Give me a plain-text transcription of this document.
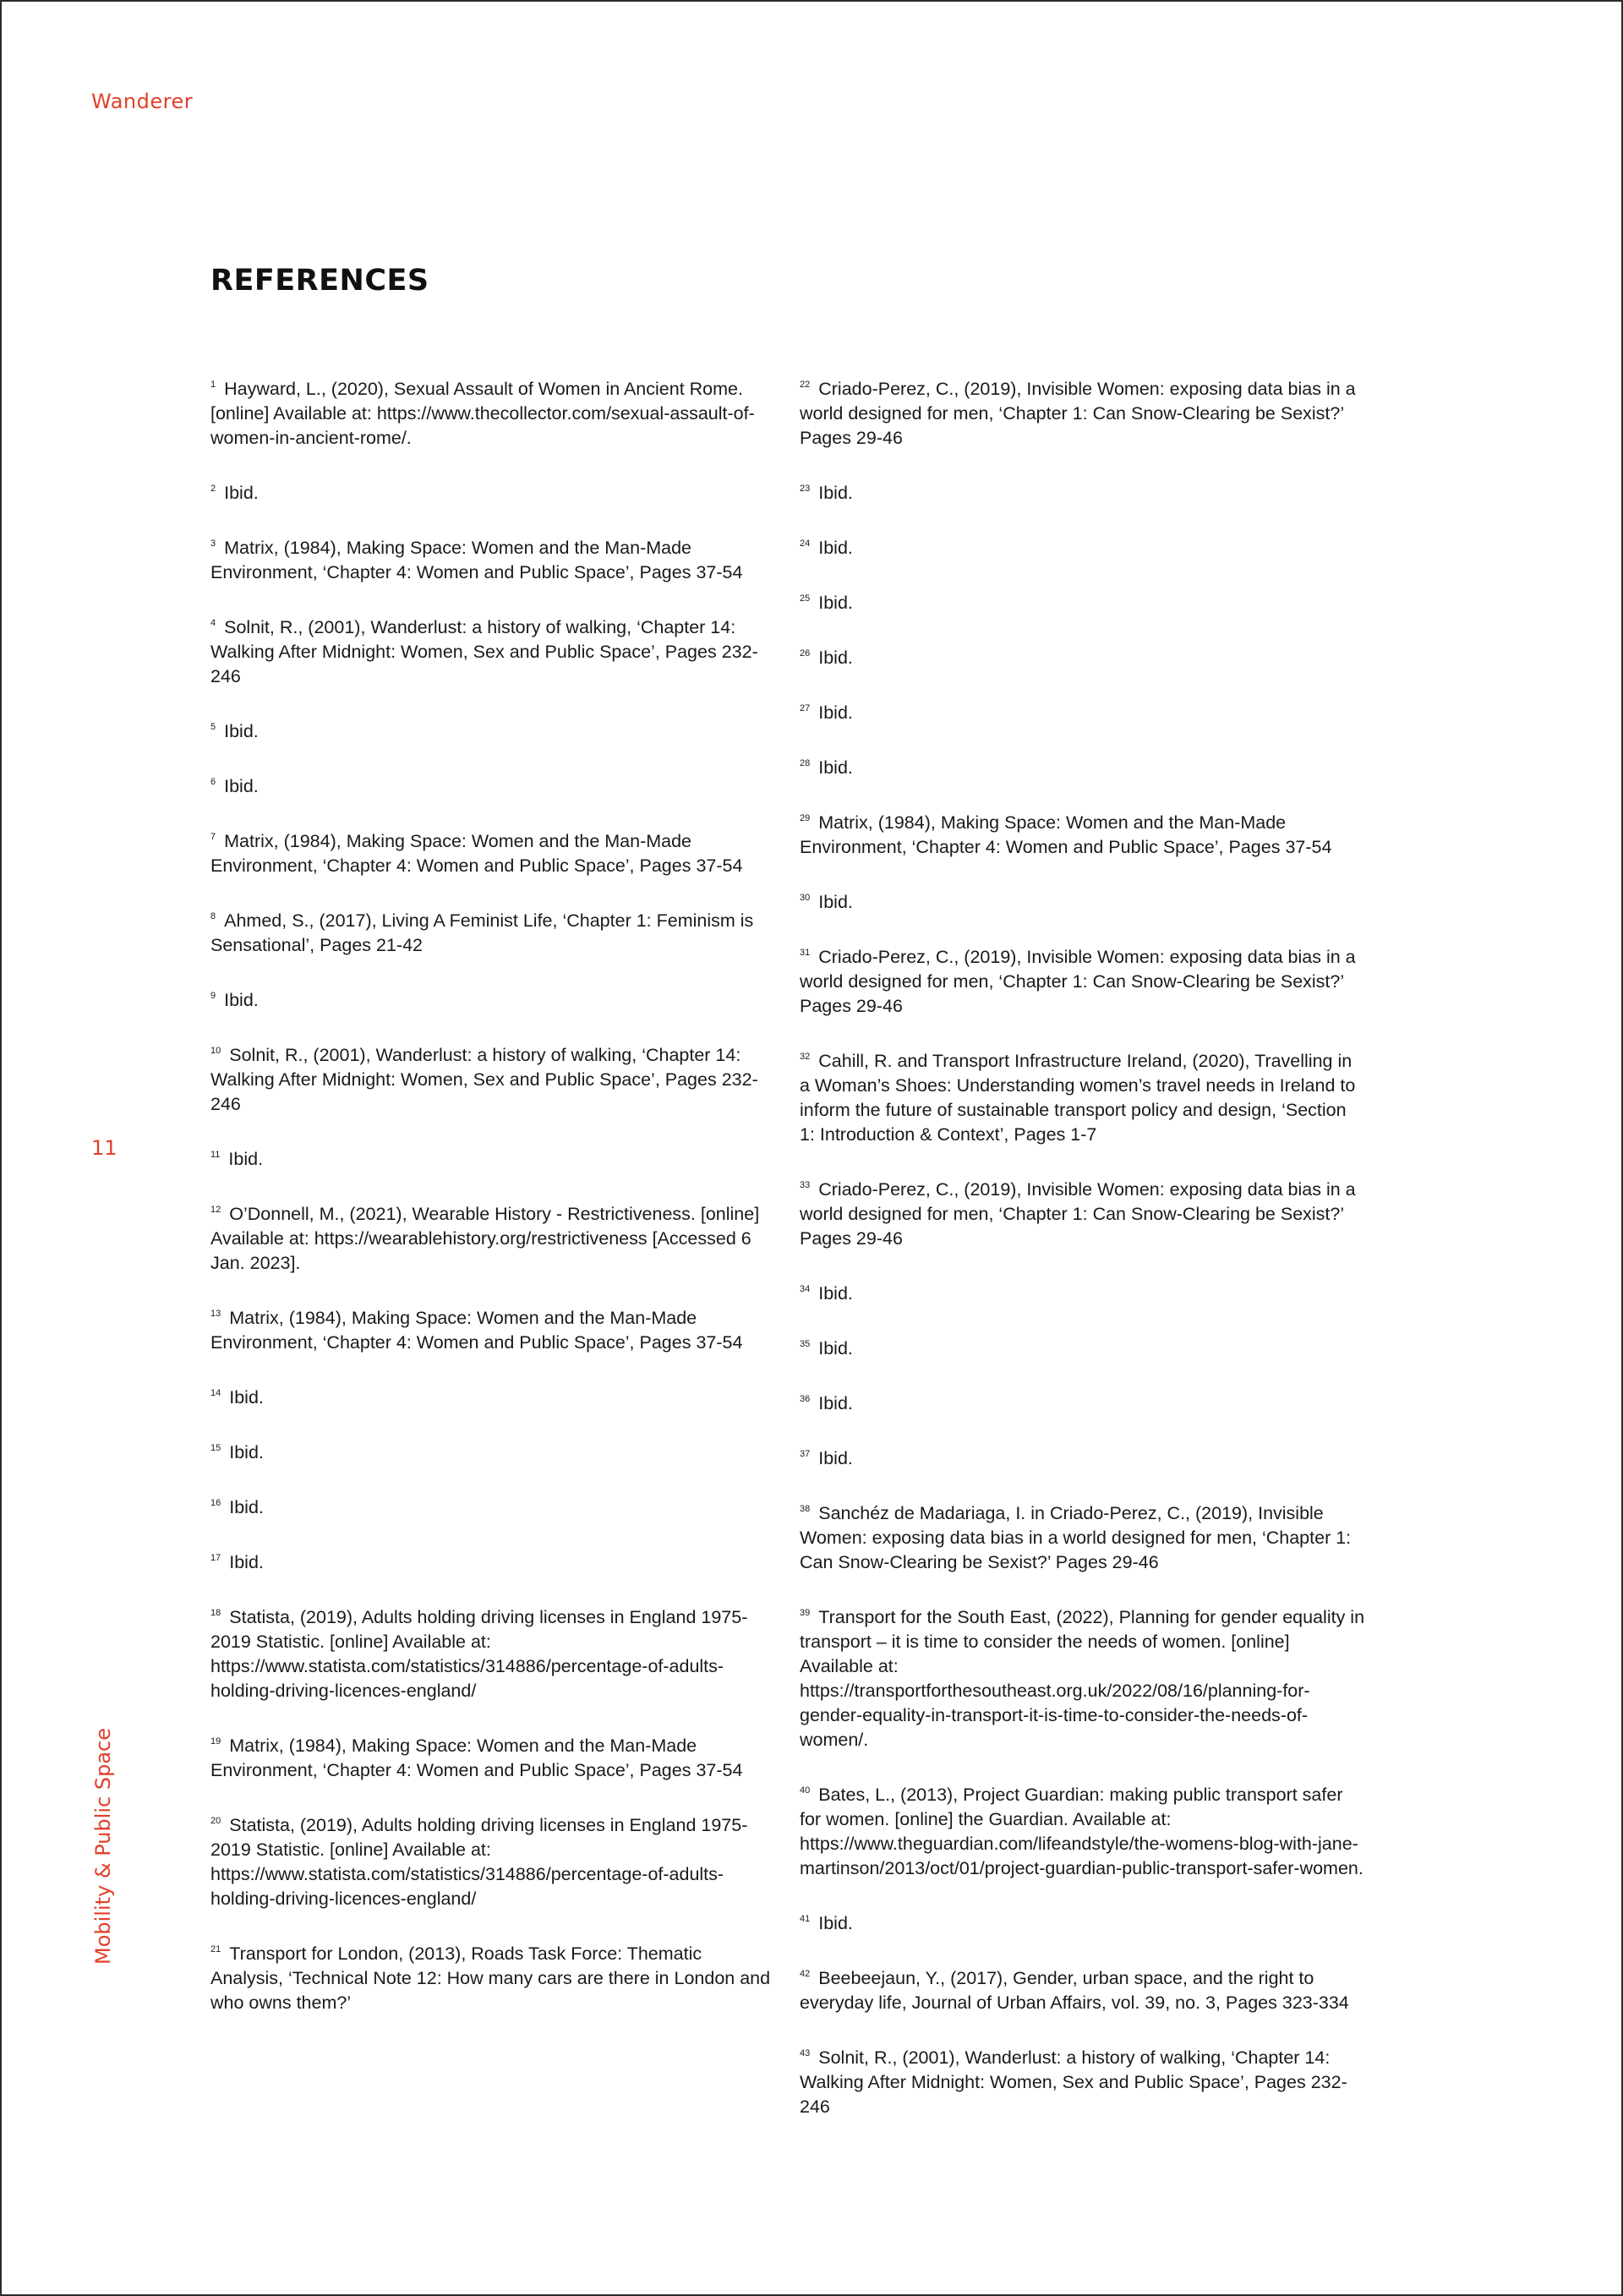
Wanderer
11
Mobility & Public Space
REFERENCES

$^1$ Hayward, L., (2020), Sexual Assault of Women in Ancient Rome. [online] Available at: https://www.thecollector.com/sexual-assault-of-women-in-ancient-rome/.

$^2$ Ibid.

$^3$ Matrix, (1984), Making Space: Women and the Man-Made Environment, ‘Chapter 4: Women and Public Space’, Pages 37-54

$^4$ Solnit, R., (2001), Wanderlust: a history of walking, ‘Chapter 14: Walking After Midnight: Women, Sex and Public Space’, Pages 232-246

$^5$ Ibid.

$^6$ Ibid.

$^7$ Matrix, (1984), Making Space: Women and the Man-Made Environment, ‘Chapter 4: Women and Public Space’, Pages 37-54

$^8$ Ahmed, S., (2017), Living A Feminist Life, ‘Chapter 1: Feminism is Sensational’, Pages 21-42

$^9$ Ibid.

$^{10}$ Solnit, R., (2001), Wanderlust: a history of walking, ‘Chapter 14: Walking After Midnight: Women, Sex and Public Space’, Pages 232-246

$^{11}$ Ibid.

$^{12}$ O’Donnell, M., (2021), Wearable History - Restrictiveness. [online] Available at: https://wearablehistory.org/restrictiveness [Accessed 6 Jan. 2023].

$^{13}$ Matrix, (1984), Making Space: Women and the Man-Made Environment, ‘Chapter 4: Women and Public Space’, Pages 37-54

$^{14}$ Ibid.

$^{15}$ Ibid.

$^{16}$ Ibid.

$^{17}$ Ibid.

$^{18}$ Statista, (2019), Adults holding driving licenses in England 1975-2019 Statistic. [online] Available at: https://www.statista.com/statistics/314886/percentage-of-adults-holding-driving-licences-england/

$^{19}$ Matrix, (1984), Making Space: Women and the Man-Made Environment, ‘Chapter 4: Women and Public Space’, Pages 37-54

$^{20}$ Statista, (2019), Adults holding driving licenses in England 1975-2019 Statistic. [online] Available at: https://www.statista.com/statistics/314886/percentage-of-adults-holding-driving-licences-england/

$^{21}$ Transport for London, (2013), Roads Task Force: Thematic Analysis, ‘Technical Note 12: How many cars are there in London and who owns them?’

$^{22}$ Criado-Perez, C., (2019), Invisible Women: exposing data bias in a world designed for men, ‘Chapter 1: Can Snow-Clearing be Sexist?’ Pages 29-46

$^{23}$ Ibid.

$^{24}$ Ibid.

$^{25}$ Ibid.

$^{26}$ Ibid.

$^{27}$ Ibid.

$^{28}$ Ibid.

$^{29}$ Matrix, (1984), Making Space: Women and the Man-Made Environment, ‘Chapter 4: Women and Public Space’, Pages 37-54

$^{30}$ Ibid.

$^{31}$ Criado-Perez, C., (2019), Invisible Women: exposing data bias in a world designed for men, ‘Chapter 1: Can Snow-Clearing be Sexist?’ Pages 29-46

$^{32}$ Cahill, R. and Transport Infrastructure Ireland, (2020), Travelling in a Woman’s Shoes: Understanding women’s travel needs in Ireland to inform the future of sustainable transport policy and design, ‘Section 1: Introduction & Context’, Pages 1-7

$^{33}$ Criado-Perez, C., (2019), Invisible Women: exposing data bias in a world designed for men, ‘Chapter 1: Can Snow-Clearing be Sexist?’ Pages 29-46

$^{34}$ Ibid.

$^{35}$ Ibid.

$^{36}$ Ibid.

$^{37}$ Ibid.

$^{38}$ Sanchéz de Madariaga, I. in Criado-Perez, C., (2019), Invisible Women: exposing data bias in a world designed for men, ‘Chapter 1: Can Snow-Clearing be Sexist?’ Pages 29-46

$^{39}$ Transport for the South East, (2022), Planning for gender equality in transport – it is time to consider the needs of women. [online] Available at: https://transportforthesoutheast.org.uk/2022/08/16/planning-for-gender-equality-in-transport-it-is-time-to-consider-the-needs-of-women/.

$^{40}$ Bates, L., (2013), Project Guardian: making public transport safer for women. [online] the Guardian. Available at: https://www.theguardian.com/lifeandstyle/the-womens-blog-with-jane-martinson/2013/oct/01/project-guardian-public-transport-safer-women.

$^{41}$ Ibid.

$^{42}$ Beebeejaun, Y., (2017), Gender, urban space, and the right to everyday life, Journal of Urban Affairs, vol. 39, no. 3, Pages 323-334

$^{43}$ Solnit, R., (2001), Wanderlust: a history of walking, ‘Chapter 14: Walking After Midnight: Women, Sex and Public Space’, Pages 232-246
